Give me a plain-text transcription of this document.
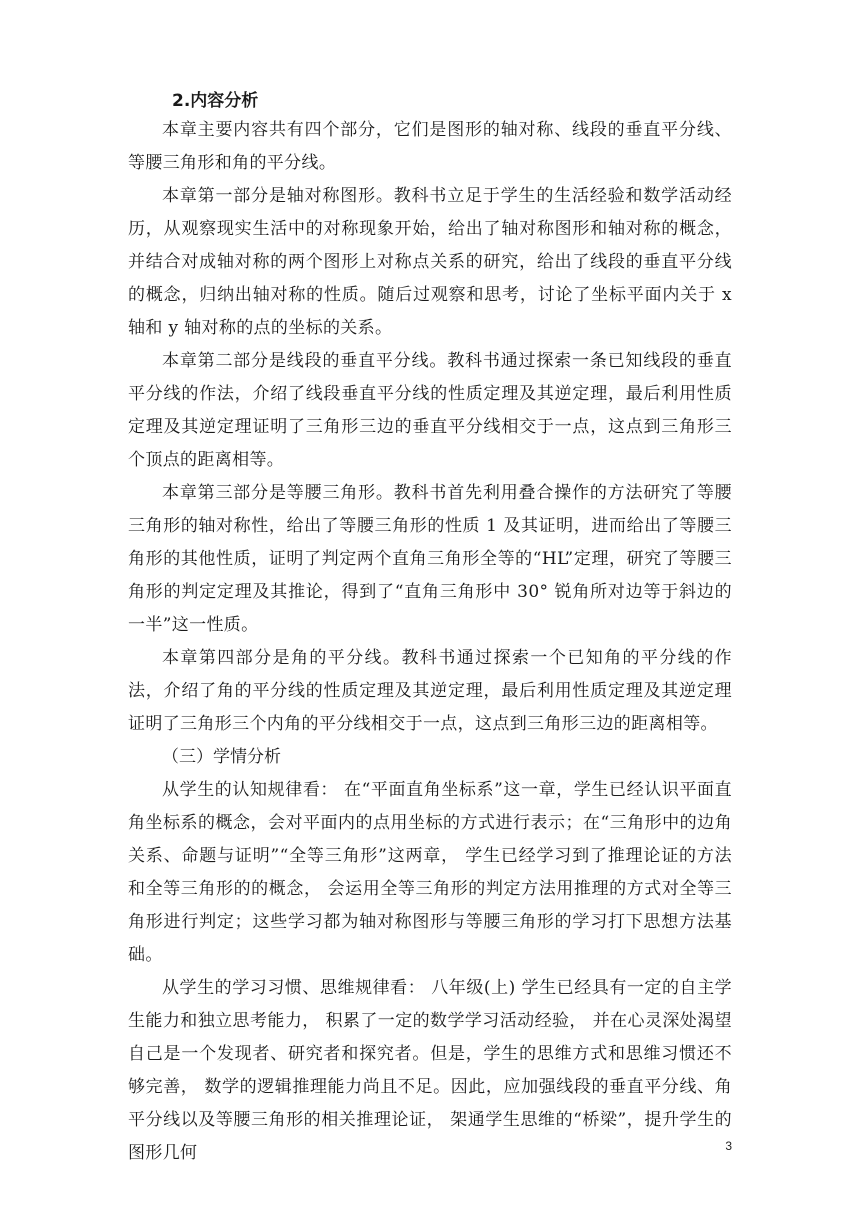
2.内容分析

本章主要内容共有四个部分，它们是图形的轴对称、线段的垂直平分线、等腰三角形和角的平分线。

本章第一部分是轴对称图形。教科书立足于学生的生活经验和数学活动经历，从观察现实生活中的对称现象开始，给出了轴对称图形和轴对称的概念，并结合对成轴对称的两个图形上对称点关系的研究，给出了线段的垂直平分线的概念，归纳出轴对称的性质。随后过观察和思考，讨论了坐标平面内关于 x 轴和 y 轴对称的点的坐标的关系。

本章第二部分是线段的垂直平分线。教科书通过探索一条已知线段的垂直平分线的作法，介绍了线段垂直平分线的性质定理及其逆定理，最后利用性质定理及其逆定理证明了三角形三边的垂直平分线相交于一点，这点到三角形三个顶点的距离相等。

本章第三部分是等腰三角形。教科书首先利用叠合操作的方法研究了等腰三角形的轴对称性，给出了等腰三角形的性质 1 及其证明，进而给出了等腰三角形的其他性质，证明了判定两个直角三角形全等的“HL”定理，研究了等腰三角形的判定定理及其推论，得到了“直角三角形中 30° 锐角所对边等于斜边的一半”这一性质。

本章第四部分是角的平分线。教科书通过探索一个已知角的平分线的作法，介绍了角的平分线的性质定理及其逆定理，最后利用性质定理及其逆定理证明了三角形三个内角的平分线相交于一点，这点到三角形三边的距离相等。

（三）学情分析

从学生的认知规律看： 在“平面直角坐标系”这一章，学生已经认识平面直角坐标系的概念，会对平面内的点用坐标的方式进行表示；在“三角形中的边角关系、命题与证明”“全等三角形”这两章， 学生已经学习到了推理论证的方法和全等三角形的的概念， 会运用全等三角形的判定方法用推理的方式对全等三角形进行判定；这些学习都为轴对称图形与等腰三角形的学习打下思想方法基础。

从学生的学习习惯、思维规律看： 八年级(上) 学生已经具有一定的自主学生能力和独立思考能力， 积累了一定的数学学习活动经验， 并在心灵深处渴望自己是一个发现者、研究者和探究者。但是，学生的思维方式和思维习惯还不够完善， 数学的逻辑推理能力尚且不足。因此，应加强线段的垂直平分线、角平分线以及等腰三角形的相关推理论证， 架通学生思维的“桥梁”，提升学生的图形几何	3
